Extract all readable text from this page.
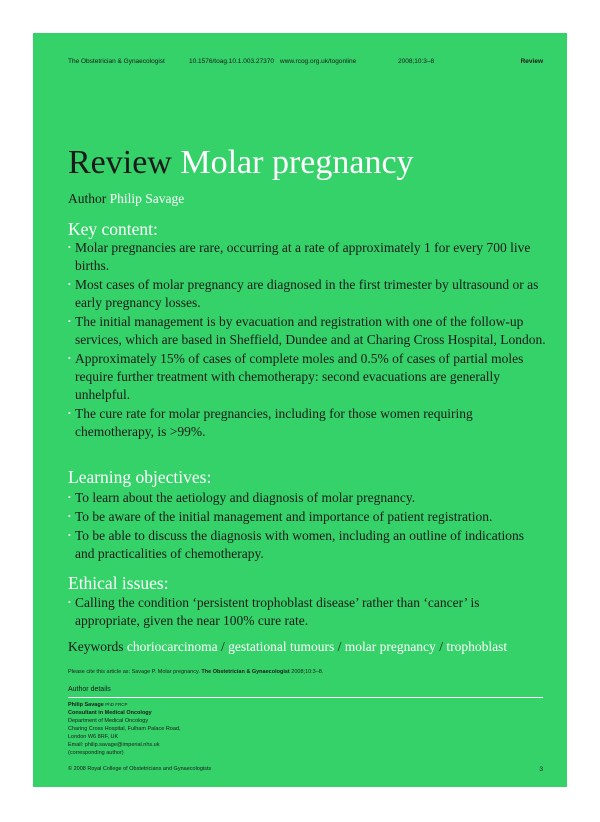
The Obstetrician & Gynaecologist	10.1576/toag.10.1.003.27370 www.rcog.org.uk/togonline	2008;10:3–8	Review
Review Molar pregnancy
Author Philip Savage
Key content:
• Molar pregnancies are rare, occurring at a rate of approximately 1 for every 700 live births.
• Most cases of molar pregnancy are diagnosed in the first trimester by ultrasound or as early pregnancy losses.
• The initial management is by evacuation and registration with one of the follow-up services, which are based in Sheffield, Dundee and at Charing Cross Hospital, London.
• Approximately 15% of cases of complete moles and 0.5% of cases of partial moles require further treatment with chemotherapy: second evacuations are generally unhelpful.
• The cure rate for molar pregnancies, including for those women requiring chemotherapy, is >99%.
Learning objectives:
• To learn about the aetiology and diagnosis of molar pregnancy.
• To be aware of the initial management and importance of patient registration.
• To be able to discuss the diagnosis with women, including an outline of indications and practicalities of chemotherapy.
Ethical issues:
• Calling the condition ‘persistent trophoblast disease’ rather than ‘cancer’ is appropriate, given the near 100% cure rate.
Keywords choriocarcinoma / gestational tumours / molar pregnancy / trophoblast
Please cite this article as: Savage P. Molar pregnancy. The Obstetrician & Gynaecologist 2008;10:3–8.
Author details
Philip Savage PhD FRCP
Consultant in Medical Oncology
Department of Medical Oncology
Charing Cross Hospital, Fulham Palace Road,
London W6 8RF, UK
Email: philip.savage@imperial.nhs.uk
(corresponding author)
© 2008 Royal College of Obstetricians and Gynaecologists	3
